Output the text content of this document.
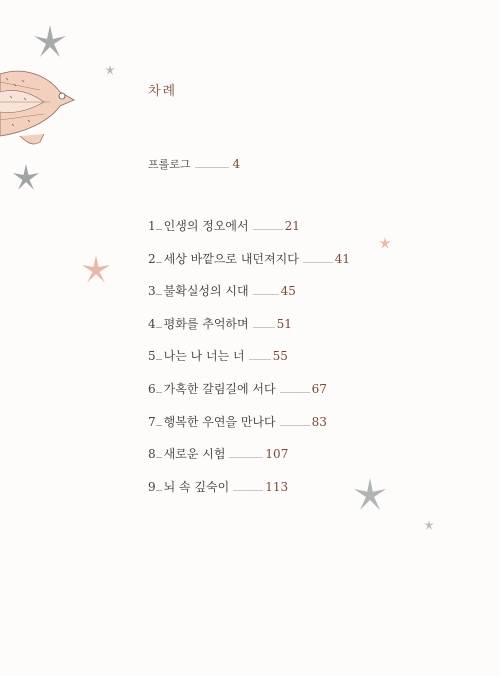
차례
프롤로그	4
1 인생의 정오에서	21
2 세상 바깥으로 내던져지다	41
3 불확실성의 시대	45
4 평화를 추억하며 51
5 나는 나 너는 너 55
6 가혹한 갈림길에 서다	67
7 행복한 우연을 만나다	83
8 새로운 시험	107
9 뇌 속 깊숙이	113
